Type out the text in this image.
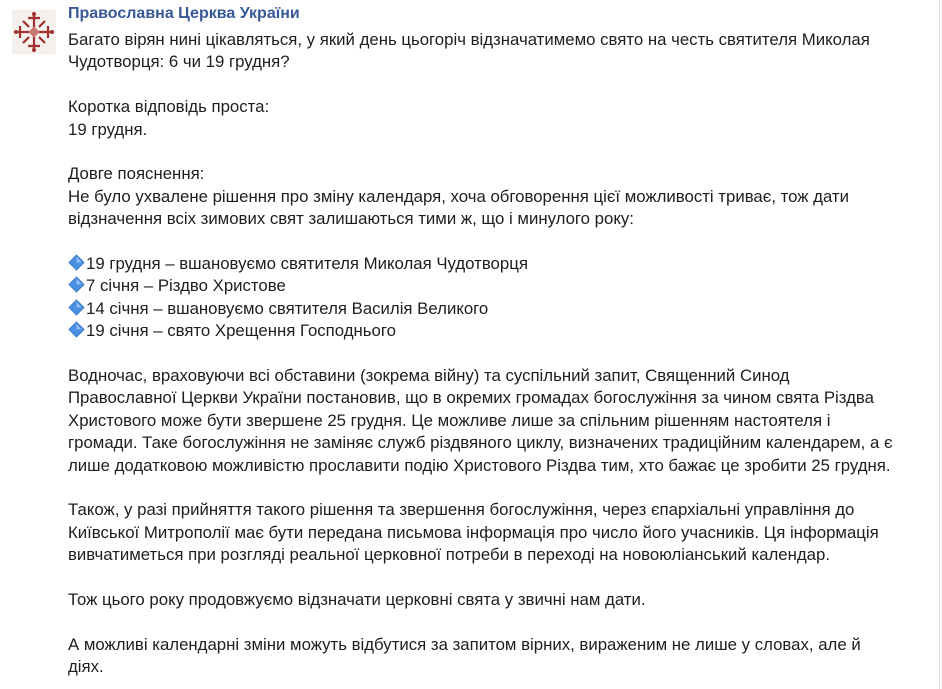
Православна Церква України

Багато вірян нині цікавляться, у який день цьогоріч відзначатимемо свято на честь святителя Миколая

Чудотворця: 6 чи 19 грудня?

Коротка відповідь проста:

19 грудня.

Довге пояснення:

Не було ухвалене рішення про зміну календаря, хоча обговорення цієї можливості триває, тож дати

відзначення всіх зимових свят залишаються тими ж, що і минулого року:

19 грудня – вшановуємо святителя Миколая Чудотворця

7 січня – Різдво Христове

14 січня – вшановуємо святителя Василія Великого

19 січня – свято Хрещення Господнього

Водночас, враховуючи всі обставини (зокрема війну) та суспільний запит, Священний Синод

Православної Церкви України постановив, що в окремих громадах богослужіння за чином свята Різдва

Христового може бути звершене 25 грудня. Це можливе лише за спільним рішенням настоятеля і

громади. Таке богослужіння не заміняє служб різдвяного циклу, визначених традиційним календарем, а є

лише додатковою можливістю прославити подію Христового Різдва тим, хто бажає це зробити 25 грудня.

Також, у разі прийняття такого рішення та звершення богослужіння, через єпархіальні управління до

Київської Митрополії має бути передана письмова інформація про число його учасників. Ця інформація

вивчатиметься при розгляді реальної церковної потреби в переході на новоюліанський календар.

Тож цього року продовжуємо відзначати церковні свята у звичні нам дати.

А можливі календарні зміни можуть відбутися за запитом вірних, вираженим не лише у словах, але й

діях.
